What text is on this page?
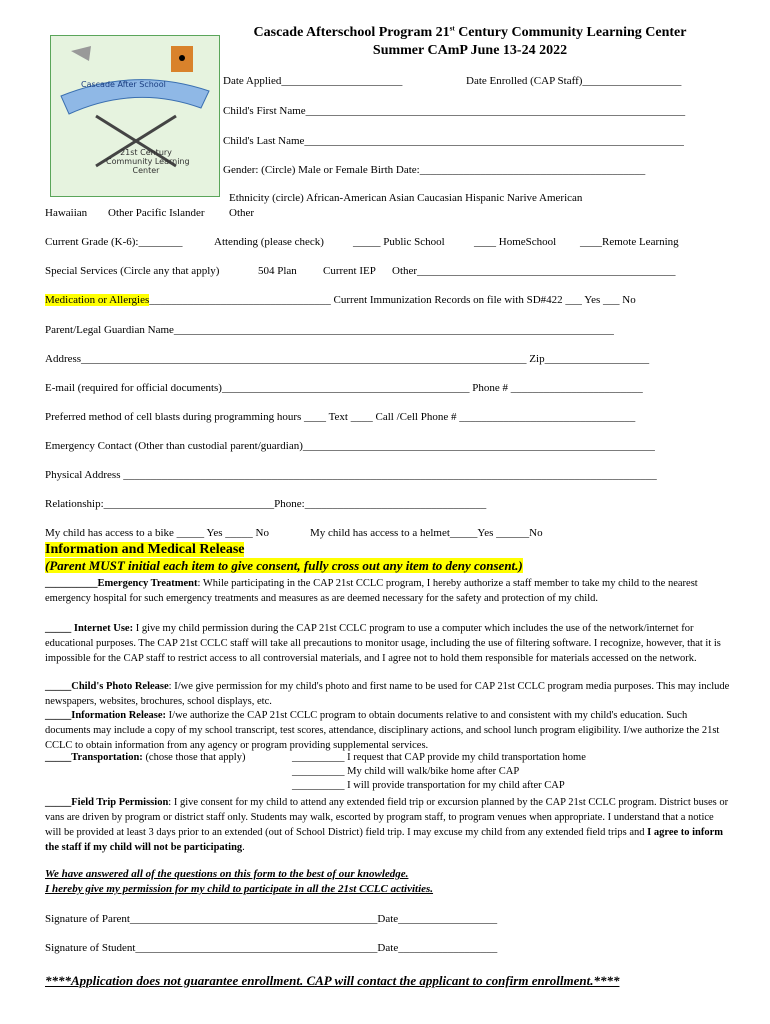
Cascade Afterschool Program 21st Century Community Learning Center
Summer CAmP June 13-24 2022
Cascade After School
21st Century
Community Learning
Center
Date Applied______________________	Date Enrolled (CAP Staff)__________________
Child's First Name_____________________________________________________________________
Child's Last Name_____________________________________________________________________
Gender: (Circle) Male or Female Birth Date:_________________________________________
Ethnicity (circle) African-American Asian Caucasian Hispanic Narive American
Hawaiian Other Pacific Islander Other
Current Grade (K-6):________	Attending (please check)	_____ Public School	____ HomeSchool ____Remote Learning
Special Services (Circle any that apply)	504 Plan Current IEP Other_______________________________________________
Medication or Allergies_________________________________ Current Immunization Records on file with SD#422 ___ Yes ___ No
Parent/Legal Guardian Name________________________________________________________________________________
Address_________________________________________________________________________________ Zip___________________
E-mail (required for official documents)_____________________________________________ Phone # ________________________
Preferred method of cell blasts during programming hours ____ Text ____ Call /Cell Phone # ________________________________
Emergency Contact (Other than custodial parent/guardian)________________________________________________________________
Physical Address _________________________________________________________________________________________________
Relationship:_______________________________Phone:_________________________________
My child has access to a bike _____ Yes _____ No	My child has access to a helmet_____Yes ______No
Information and Medical Release
(Parent MUST initial each item to give consent, fully cross out any item to deny consent.)
__________Emergency Treatment: While participating in the CAP 21st CCLC program, I hereby authorize a staff member to take my child to the nearest emergency hospital for such emergency treatments and measures as are deemed necessary for the safety and protection of my child.
_____ Internet Use: I give my child permission during the CAP 21st CCLC program to use a computer which includes the use of the network/internet for educational purposes. The CAP 21st CCLC staff will take all precautions to monitor usage, including the use of filtering software. I recognize, however, that it is impossible for the CAP staff to restrict access to all controversial materials, and I agree not to hold them responsible for materials accessed on the network.
_____Child's Photo Release: I/we give permission for my child's photo and first name to be used for CAP 21st CCLC program media purposes. This may include newspapers, websites, brochures, school displays, etc.
_____Information Release: I/we authorize the CAP 21st CCLC program to obtain documents relative to and consistent with my child's education. Such documents may include a copy of my school transcript, test scores, attendance, disciplinary actions, and school lunch program eligibility. I/we authorize the 21st CCLC to obtain information from any agency or program providing supplemental services.
_____Transportation: (chose those that apply)	__________ I request that CAP provide my child transportation home
__________ My child will walk/bike home after CAP
__________ I will provide transportation for my child after CAP
_____Field Trip Permission: I give consent for my child to attend any extended field trip or excursion planned by the CAP 21st CCLC program. District buses or vans are driven by program or district staff only. Students may walk, escorted by program staff, to program venues when appropriate. I understand that a notice will be provided at least 3 days prior to an extended (out of School District) field trip. I may excuse my child from any extended field trips and I agree to inform the staff if my child will not be participating.
We have answered all of the questions on this form to the best of our knowledge.
I hereby give my permission for my child to participate in all the 21st CCLC activities.
Signature of Parent_____________________________________________Date__________________
Signature of Student____________________________________________Date__________________
****Application does not guarantee enrollment. CAP will contact the applicant to confirm enrollment.****
